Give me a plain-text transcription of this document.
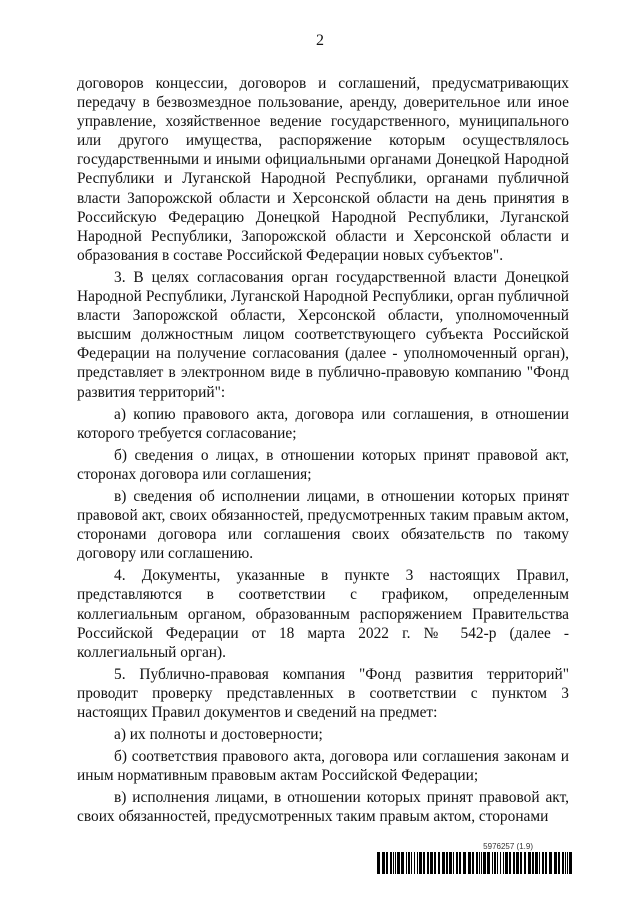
2

договоров концессии, договоров и соглашений, предусматривающих передачу в безвозмездное пользование, аренду, доверительное или иное управление, хозяйственное ведение государственного, муниципального или другого имущества, распоряжение которым осуществлялось государственными и иными официальными органами Донецкой Народной Республики и Луганской Народной Республики, органами публичной власти Запорожской области и Херсонской области на день принятия в Российскую Федерацию Донецкой Народной Республики, Луганской Народной Республики, Запорожской области и Херсонской области и образования в составе Российской Федерации новых субъектов".

3. В целях согласования орган государственной власти Донецкой Народной Республики, Луганской Народной Республики, орган публичной власти Запорожской области, Херсонской области, уполномоченный высшим должностным лицом соответствующего субъекта Российской Федерации на получение согласования (далее - уполномоченный орган), представляет в электронном виде в публично-правовую компанию "Фонд развития территорий":

а) копию правового акта, договора или соглашения, в отношении которого требуется согласование;

б) сведения о лицах, в отношении которых принят правовой акт, сторонах договора или соглашения;

в) сведения об исполнении лицами, в отношении которых принят правовой акт, своих обязанностей, предусмотренных таким правым актом, сторонами договора или соглашения своих обязательств по такому договору или соглашению.

4. Документы, указанные в пункте 3 настоящих Правил, представляются в соответствии с графиком, определенным коллегиальным органом, образованным распоряжением Правительства Российской Федерации от 18 марта 2022 г. № 542-р (далее - коллегиальный орган).

5. Публично-правовая компания "Фонд развития территорий" проводит проверку представленных в соответствии с пунктом 3 настоящих Правил документов и сведений на предмет:

а) их полноты и достоверности;

б) соответствия правового акта, договора или соглашения законам и иным нормативным правовым актам Российской Федерации;

в) исполнения лицами, в отношении которых принят правовой акт, своих обязанностей, предусмотренных таким правым актом, сторонами

5976257 (1.9)
